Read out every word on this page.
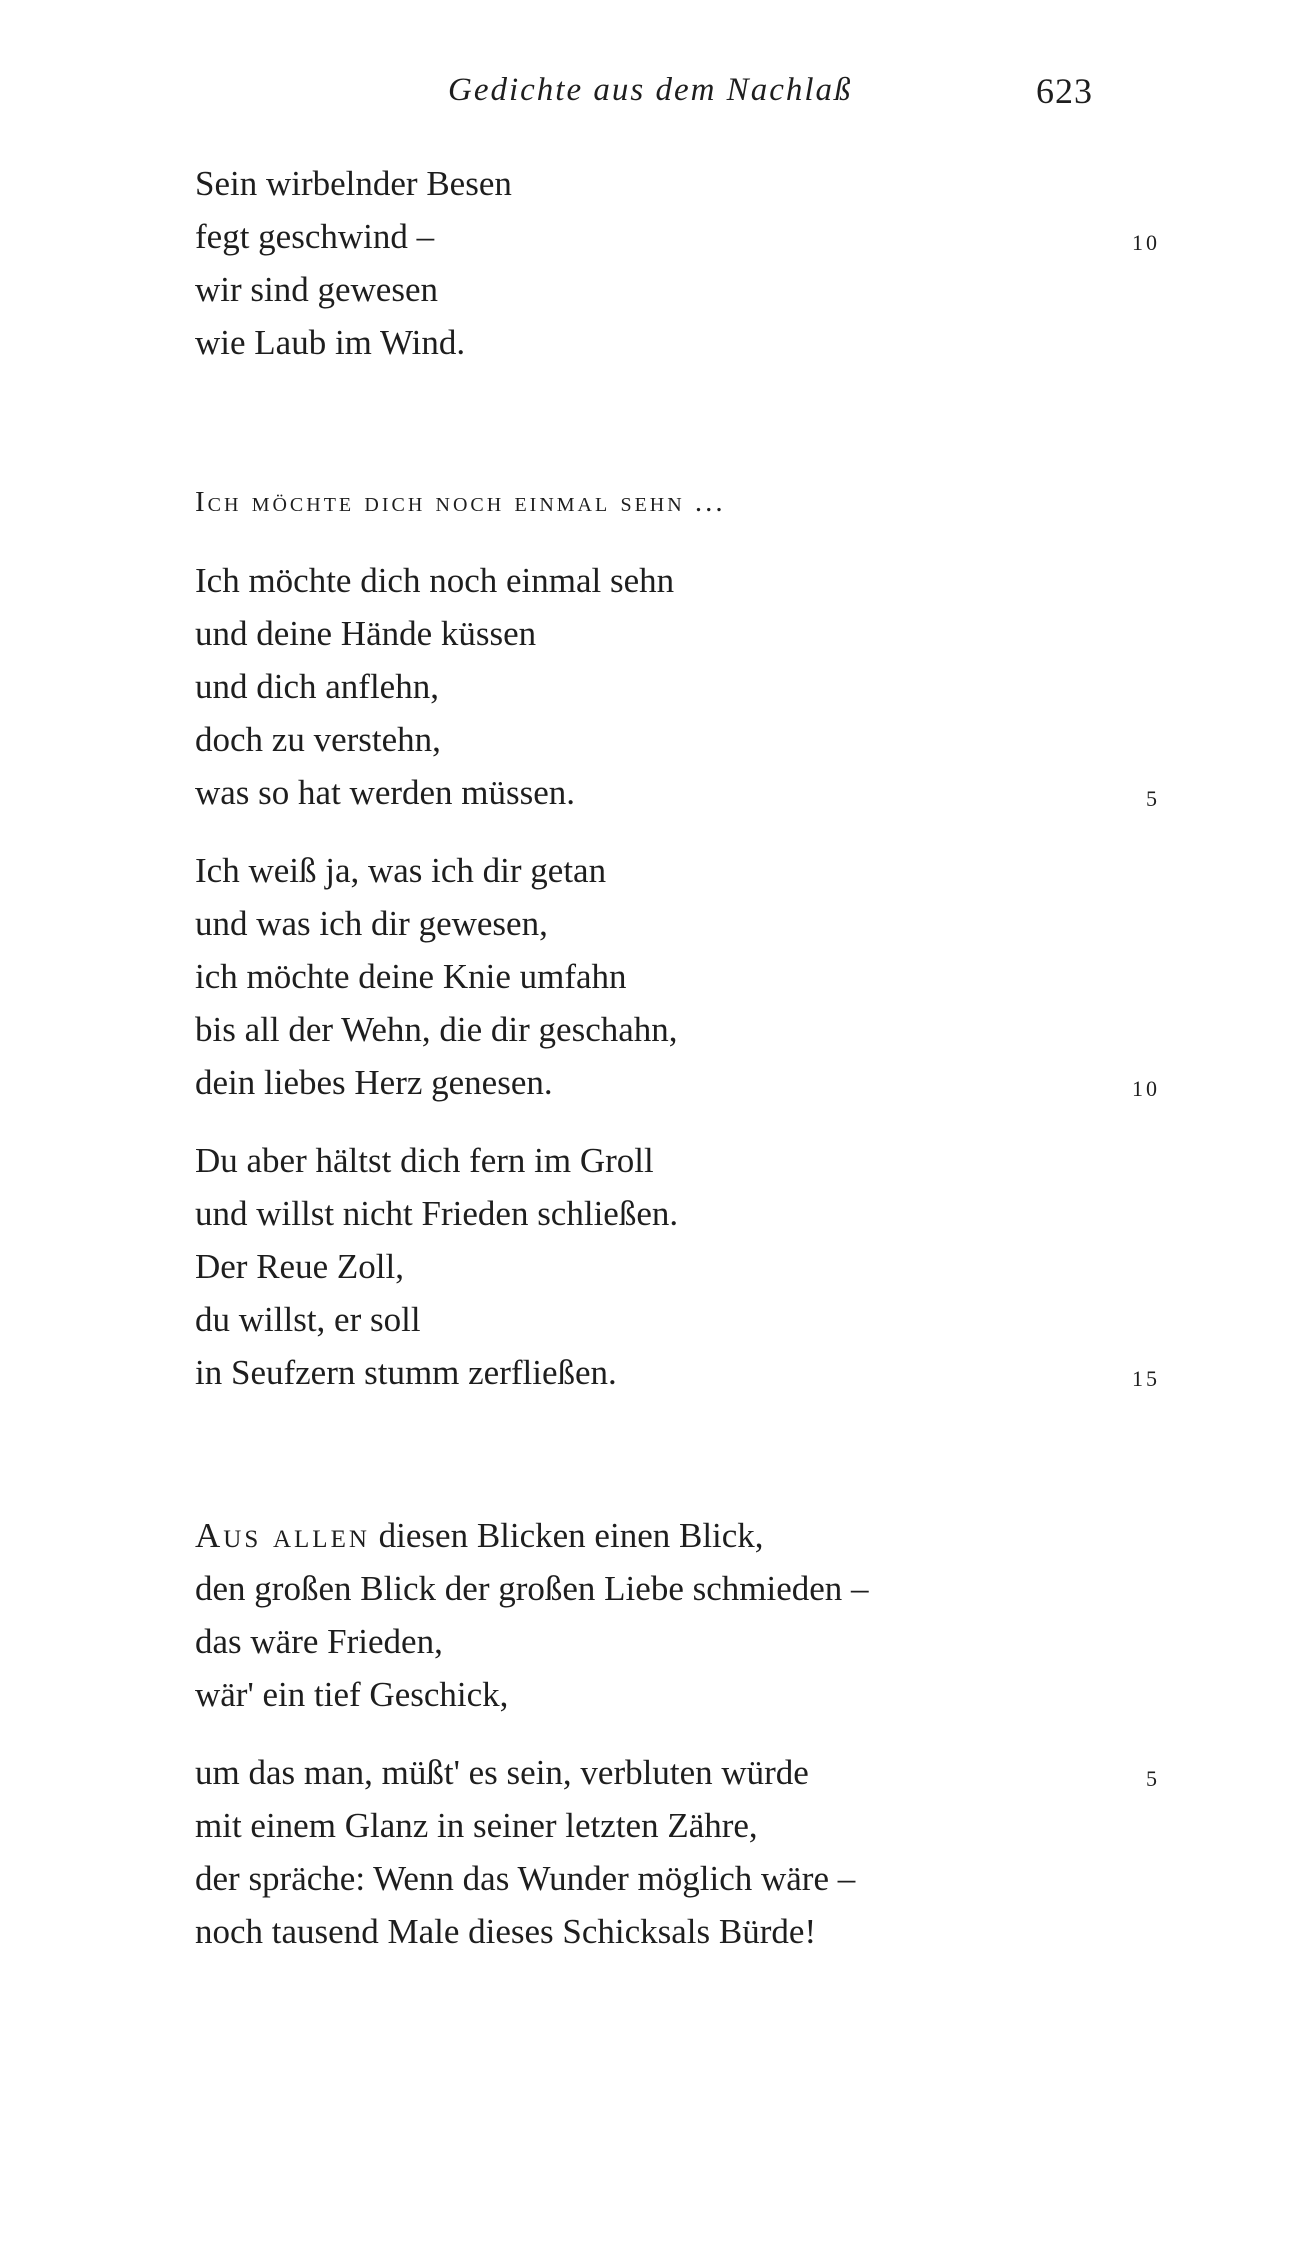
Gedichte aus dem Nachlaß	623
Sein wirbelnder Besen
fegt geschwind –	10
wir sind gewesen
wie Laub im Wind.
Ich möchte dich noch einmal sehn ...
Ich möchte dich noch einmal sehn
und deine Hände küssen
und dich anflehn,
doch zu verstehn,
was so hat werden müssen.	5
Ich weiß ja, was ich dir getan
und was ich dir gewesen,
ich möchte deine Knie umfahn
bis all der Wehn, die dir geschahn,
dein liebes Herz genesen.	10
Du aber hältst dich fern im Groll
und willst nicht Frieden schließen.
Der Reue Zoll,
du willst, er soll
in Seufzern stumm zerfließen.	15
Aus allen diesen Blicken einen Blick,
den großen Blick der großen Liebe schmieden –
das wäre Frieden,
wär' ein tief Geschick,
um das man, müßt' es sein, verbluten würde	5
mit einem Glanz in seiner letzten Zähre,
der spräche: Wenn das Wunder möglich wäre –
noch tausend Male dieses Schicksals Bürde!
